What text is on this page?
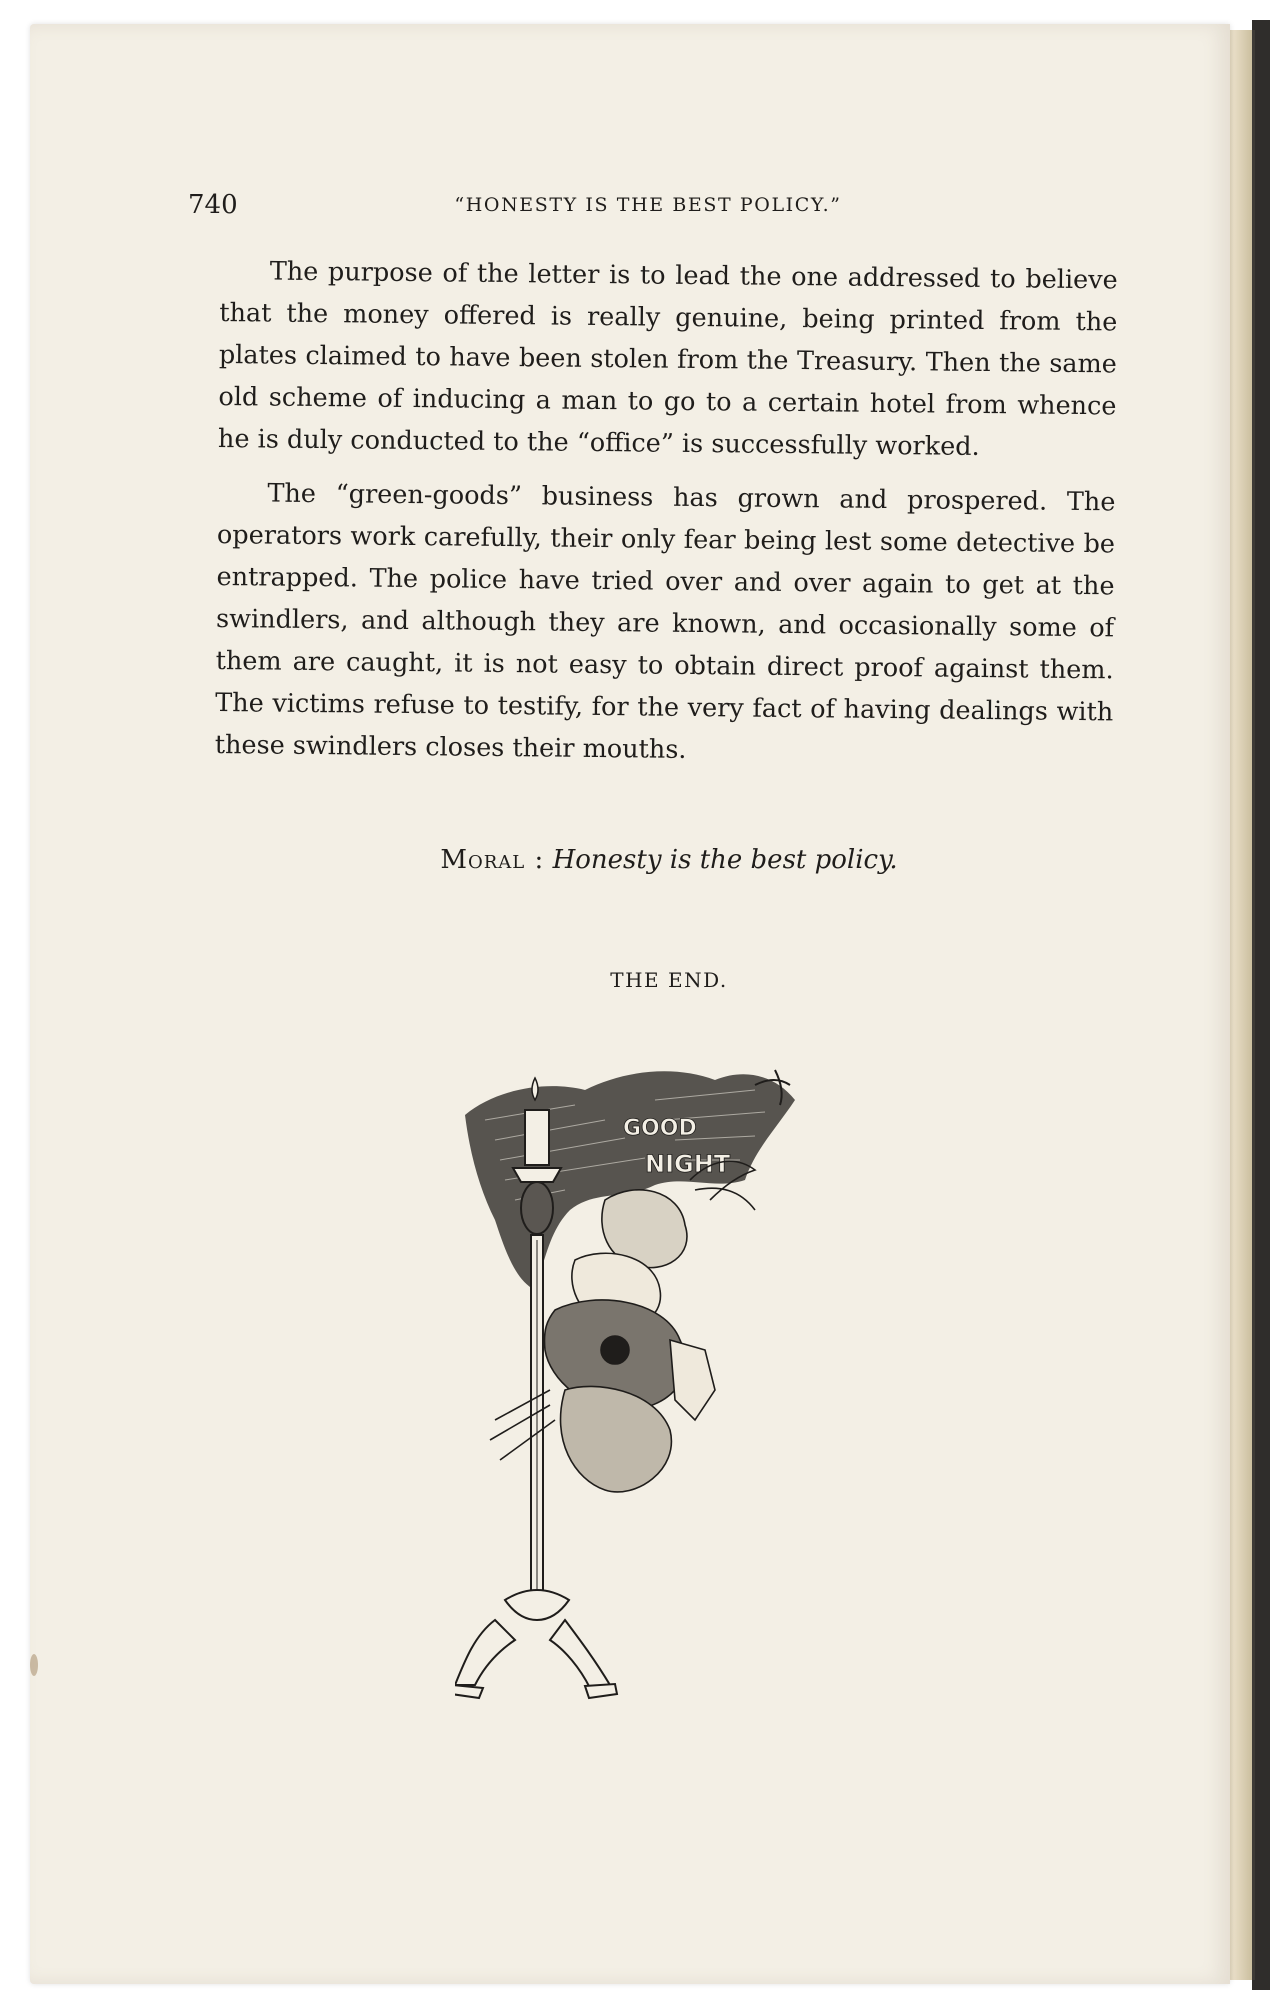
740	“HONESTY IS THE BEST POLICY.”

The purpose of the letter is to lead the one addressed to believe that the money offered is really genuine, being printed from the plates claimed to have been stolen from the Treasury. Then the same old scheme of inducing a man to go to a certain hotel from whence he is duly conducted to the “office” is successfully worked.

The “green-goods” business has grown and prospered. The operators work carefully, their only fear being lest some detective be entrapped. The police have tried over and over again to get at the swindlers, and although they are known, and occasionally some of them are caught, it is not easy to obtain direct proof against them. The victims refuse to testify, for the very fact of having dealings with these swindlers closes their mouths.

Moral : Honesty is the best policy.
THE END.
GOOD
NIGHT
